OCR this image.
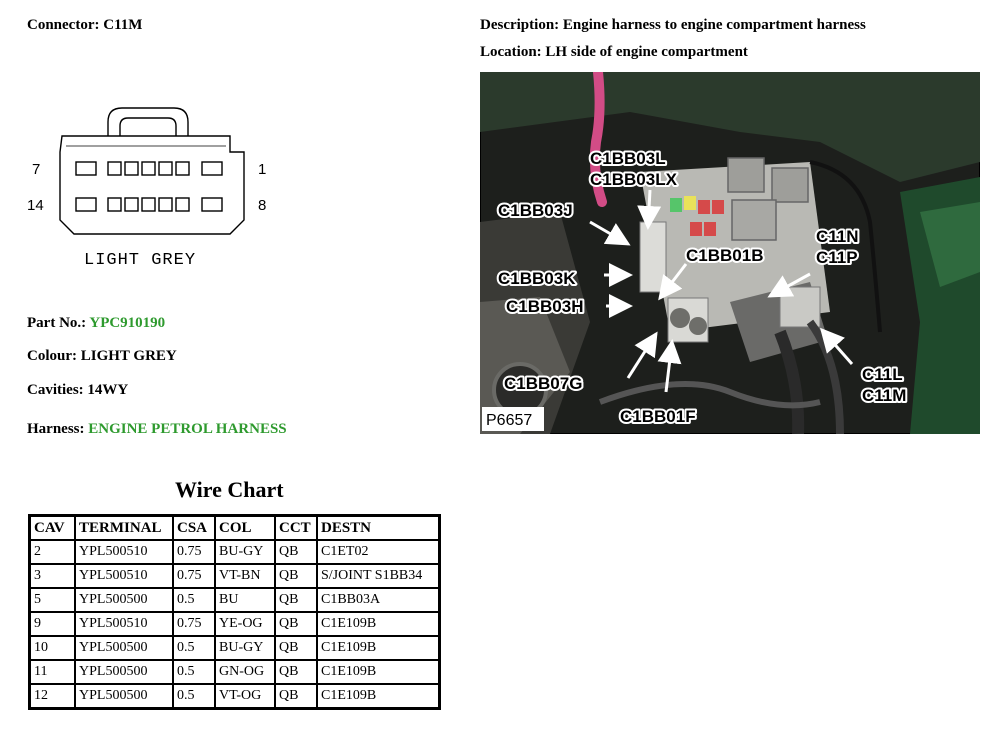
Connector: C11M	Description: Engine harness to engine compartment harness
Location: LH side of engine compartment
7	1
14	8
LIGHT GREY
Part No.: YPC910190
Colour: LIGHT GREY
Cavities: 14WY
Harness: ENGINE PETROL HARNESS
C1BB03L
C1BB03LX
C1BB03J
C1BB03K
C1BB03H
C1BB07G
C1BB01F
C1BB01B
C11N
C11P
C11L
C11M
P6657
Wire Chart
CAV	TERMINAL	CSA	COL	CCT	DESTN
2	YPL500510	0.75	BU-GY	QB	C1ET02
3	YPL500510	0.75	VT-BN	QB	S/JOINT S1BB34
5	YPL500500	0.5	BU	QB	C1BB03A
9	YPL500510	0.75	YE-OG	QB	C1E109B
10	YPL500500	0.5	BU-GY	QB	C1E109B
11	YPL500500	0.5	GN-OG	QB	C1E109B
12	YPL500500	0.5	VT-OG	QB	C1E109B
